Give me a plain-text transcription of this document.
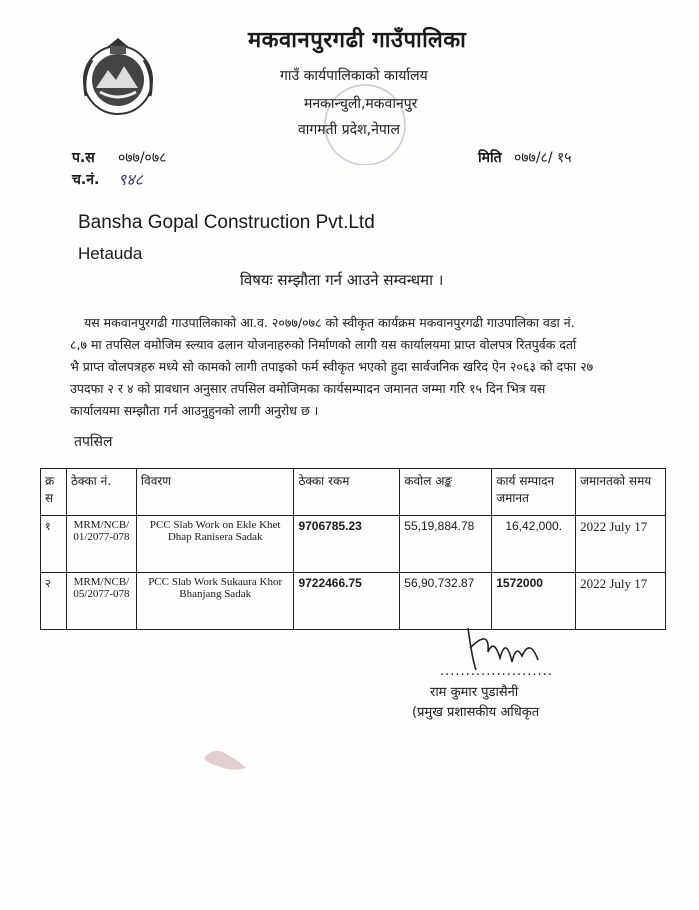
मकवानपुरगढी गाउँपालिका
गाउँ कार्यपालिकाको कार्यालय
मनकान्चुली,मकवानपुर
वागमती प्रदेश,नेपाल
प.स ०७७/०७८
च.नं. ९४८
मिति ०७७/८/ १५
Bansha Gopal Construction Pvt.Ltd
Hetauda
विषयः सम्झौता गर्न आउने सम्वन्धमा ।
यस मकवानपुरगढी गाउपालिकाको आ.व. २०७७/०७८ को स्वीकृत कार्यक्रम मकवानपुरगढी गाउपालिका वडा नं.
८,७ मा तपसिल वमोजिम स्ल्याव ढलान योजनाहरुको निर्माणको लागी यस कार्यालयमा प्राप्त वोलपत्र रितपुर्वक दर्ता
भै प्राप्त वोलपत्रहरु मध्ये सो कामको लागी तपाइको फर्म स्वीकृत भएको हुदा सार्वजनिक खरिद ऐन २०६३ को दफा २७
उपदफा २ र ४ को प्रावधान अनुसार तपसिल वमोजिमका कार्यसम्पादन जमानत जम्मा गरि १५ दिन भित्र यस
कार्यालयमा सम्झौता गर्न आउनुहुनको लागी अनुरोध छ ।
तपसिल
क्र स	ठेक्का नं.	विवरण	ठेक्का रकम	कवोल अङ्क	कार्य सम्पादन जमानत	जमानतको समय
१	MRM/NCB/ 01/2077-078	PCC Slab Work on Ekle Khet Dhap Ranisera Sadak	9706785.23	55,19,884.78	16,42,000.	2022 July 17
२	MRM/NCB/ 05/2077-078	PCC Slab Work Sukaura Khor Bhanjang Sadak	9722466.75	56,90,732.87	1572000	2022 July 17
......................
राम कुमार पुडासैनी
(प्रमुख प्रशासकीय अधिकृत
